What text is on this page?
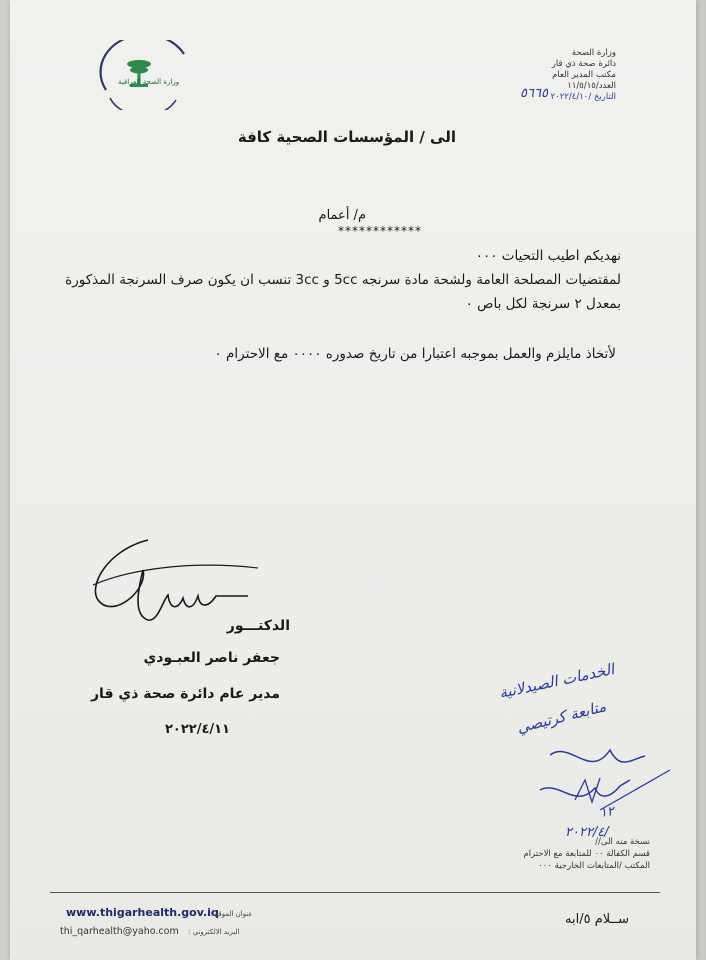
وزارة الصحة العراقية
وزارة الصحة
دائرة صحة ذي قار
مكتب المدير العام
العدد/١١/٥/١٥
التاريخ /٢٠٢٢/٤/١٠
٥٦٦٥
الى / المؤسسات الصحية كافة
م/ أعمام
************
نهديكم اطيب التحيات ٠٠٠
لمقتضيات المصلحة العامة ولشحة مادة سرنجه 5cc و 3cc تنسب ان يكون صرف السرنجة المذكورة بمعدل ٢ سرنجة لكل باص ٠
لأتخاذ مايلزم والعمل بموجبه اعتبارا من تاريخ صدوره ٠٠٠٠ مع الاحترام ٠
الدكتـــور
جعفر ناصر العبـودي
مدير عام دائرة صحة ذي قار
٢٠٢٢/٤/١١
الخدمات الصيدلانية
متابعة كرتيصي
١٢
٢٠٢٢/٤/
نسخة منه الى//
قسم الكفالة ٠٠ للمتابعة مع الاحترام
المكتب /المتابعات الخارجية ٠٠٠
www.thigarhealth.gov.iq
عنوان الموقع :
thi_qarhealth@yaho.com البريد الالكتروني :
ســلام ٥/ابه
